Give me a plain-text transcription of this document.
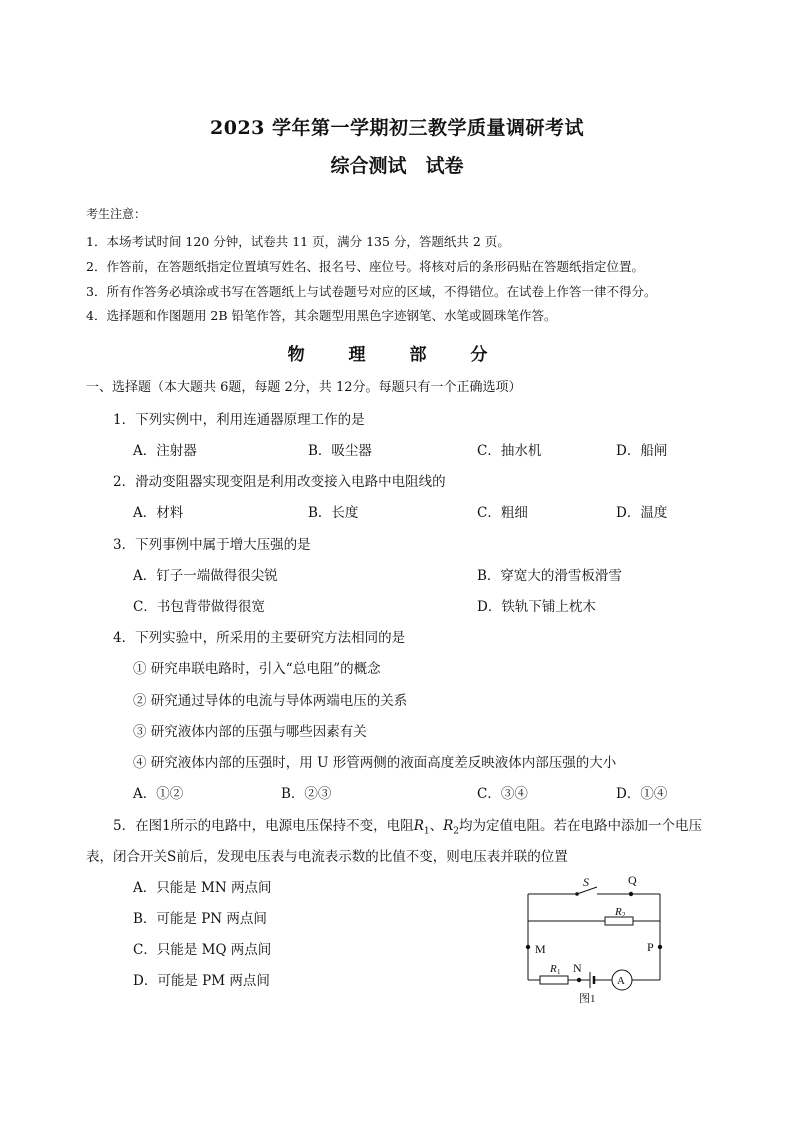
2023 学年第一学期初三教学质量调研考试
综合测试　试卷
考生注意：
1．本场考试时间 120 分钟，试卷共 11 页，满分 135 分，答题纸共 2 页。
2．作答前，在答题纸指定位置填写姓名、报名号、座位号。将核对后的条形码贴在答题纸指定位置。
3．所有作答务必填涂或书写在答题纸上与试卷题号对应的区域，不得错位。在试卷上作答一律不得分。
4．选择题和作图题用 2B 铅笔作答，其余题型用黑色字迹钢笔、水笔或圆珠笔作答。
物 理 部 分
一、选择题（本大题共 6题，每题 2分，共 12分。每题只有一个正确选项）
1．下列实例中，利用连通器原理工作的是
A．注射器	B．吸尘器	C．抽水机	D．船闸
2．滑动变阻器实现变阻是利用改变接入电路中电阻线的
A．材料	B．长度	C．粗细	D．温度
3．下列事例中属于增大压强的是
A．钉子一端做得很尖锐	B．穿宽大的滑雪板滑雪
C．书包背带做得很宽	D．铁轨下铺上枕木
4．下列实验中，所采用的主要研究方法相同的是
① 研究串联电路时，引入“总电阻”的概念
② 研究通过导体的电流与导体两端电压的关系
③ 研究液体内部的压强与哪些因素有关
④ 研究液体内部的压强时，用 U 形管两侧的液面高度差反映液体内部压强的大小
A．①②	B．②③	C．③④	D．①④
5．在图1所示的电路中，电源电压保持不变，电阻$R_1$、$R_2$均为定值电阻。若在电路中添加一个电压
表，闭合开关S前后，发现电压表与电流表示数的比值不变，则电压表并联的位置
A．只能是 MN 两点间
B．可能是 PN 两点间
C．只能是 MQ 两点间
D．可能是 PM 两点间
S	Q
M	P
N
R 2
R 1
A
图1
